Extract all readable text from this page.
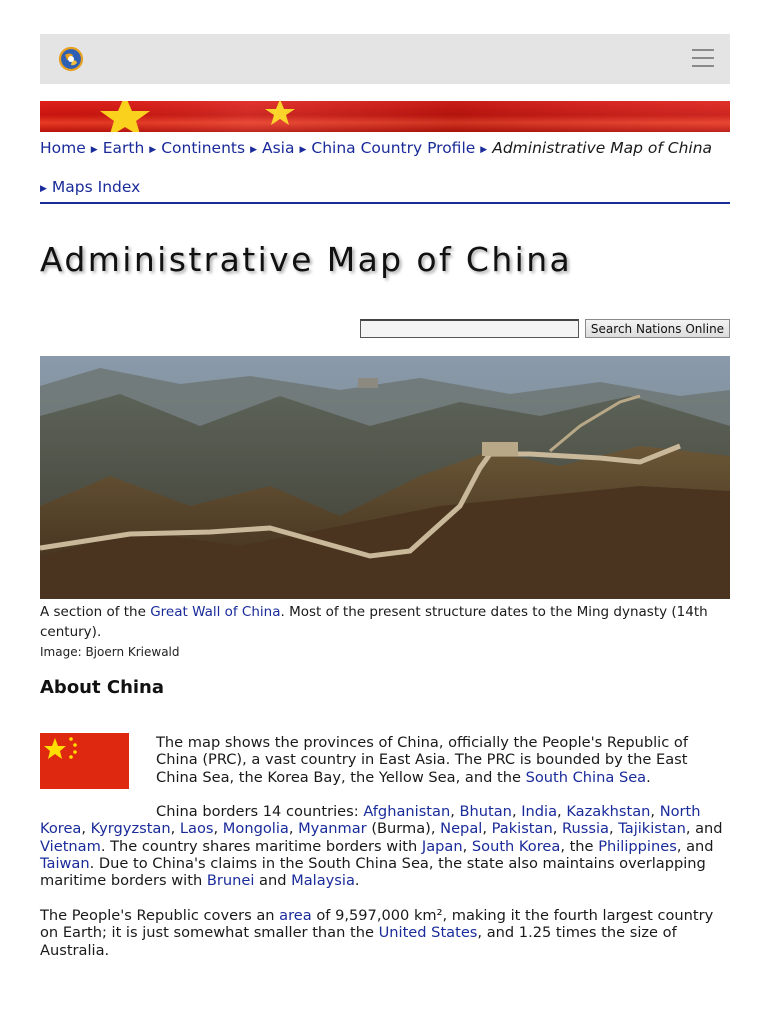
Home ▶ Earth ▶ Continents ▶ Asia ▶ China Country Profile ▶ Administrative Map of China
▶ Maps Index
Administrative Map of China
Search Nations Online

A section of the Great Wall of China. Most of the present structure dates to the Ming dynasty (14th century).

Image: Bjoern Kriewald

About China

The map shows the provinces of China, officially the People's Republic of China (PRC), a vast country in East Asia. The PRC is bounded by the East China Sea, the Korea Bay, the Yellow Sea, and the South China Sea.

China borders 14 countries: Afghanistan, Bhutan, India, Kazakhstan, North Korea, Kyrgyzstan, Laos, Mongolia, Myanmar (Burma), Nepal, Pakistan, Russia, Tajikistan, and Vietnam. The country shares maritime borders with Japan, South Korea, the Philippines, and Taiwan. Due to China's claims in the South China Sea, the state also maintains overlapping maritime borders with Brunei and Malaysia.

The People's Republic covers an area of 9,597,000 km², making it the fourth largest country on Earth; it is just somewhat smaller than the United States, and 1.25 times the size of Australia.
